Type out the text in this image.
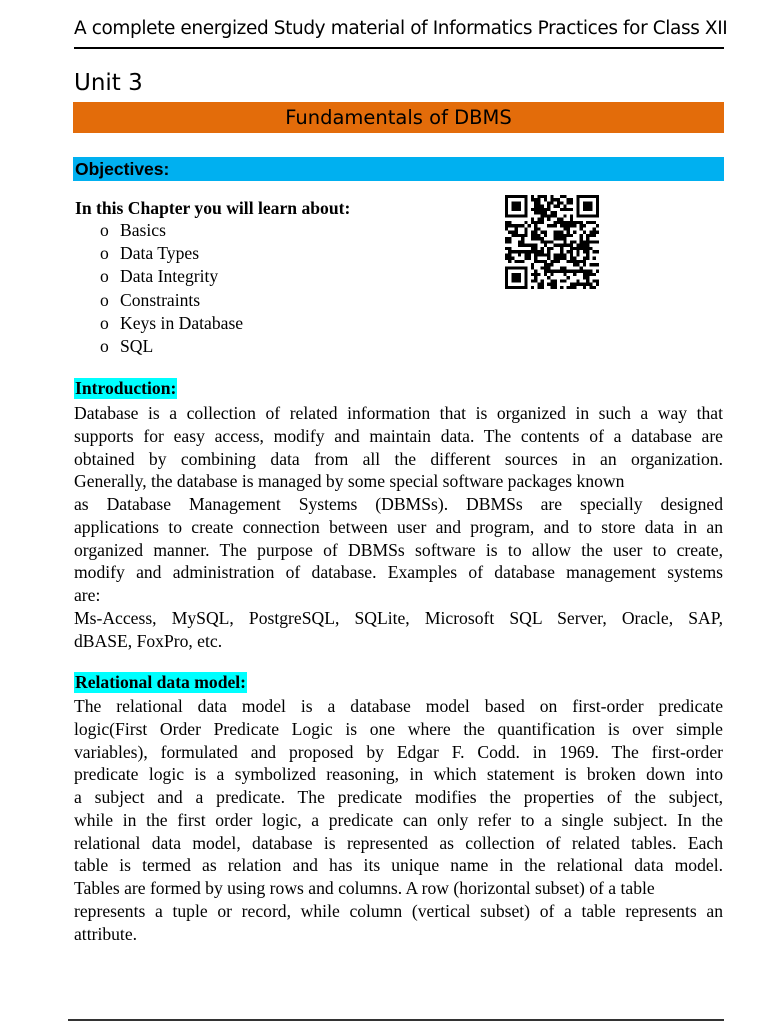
A complete energized Study material of Informatics Practices for Class XII
Unit 3
Fundamentals of DBMS
Objectives:
In this Chapter you will learn about:
o Basics
o Data Types
o Data Integrity
o Constraints
o Keys in Database
o SQL
Introduction:
Database is a collection of related information that is organized in such a way that
supports for easy access, modify and maintain data. The contents of a database are
obtained by combining data from all the different sources in an organization.
Generally, the database is managed by some special software packages known
as Database Management Systems (DBMSs). DBMSs are specially designed
applications to create connection between user and program, and to store data in an
organized manner. The purpose of DBMSs software is to allow the user to create,
modify and administration of database. Examples of database management systems
are:
Ms-Access, MySQL, PostgreSQL, SQLite, Microsoft SQL Server, Oracle, SAP,
dBASE, FoxPro, etc.
Relational data model:
The relational data model is a database model based on first-order predicate
logic(First Order Predicate Logic is one where the quantification is over simple
variables), formulated and proposed by Edgar F. Codd. in 1969. The first-order
predicate logic is a symbolized reasoning, in which statement is broken down into
a subject and a predicate. The predicate modifies the properties of the subject,
while in the first order logic, a predicate can only refer to a single subject. In the
relational data model, database is represented as collection of related tables. Each
table is termed as relation and has its unique name in the relational data model.
Tables are formed by using rows and columns. A row (horizontal subset) of a table
represents a tuple or record, while column (vertical subset) of a table represents an
attribute.
